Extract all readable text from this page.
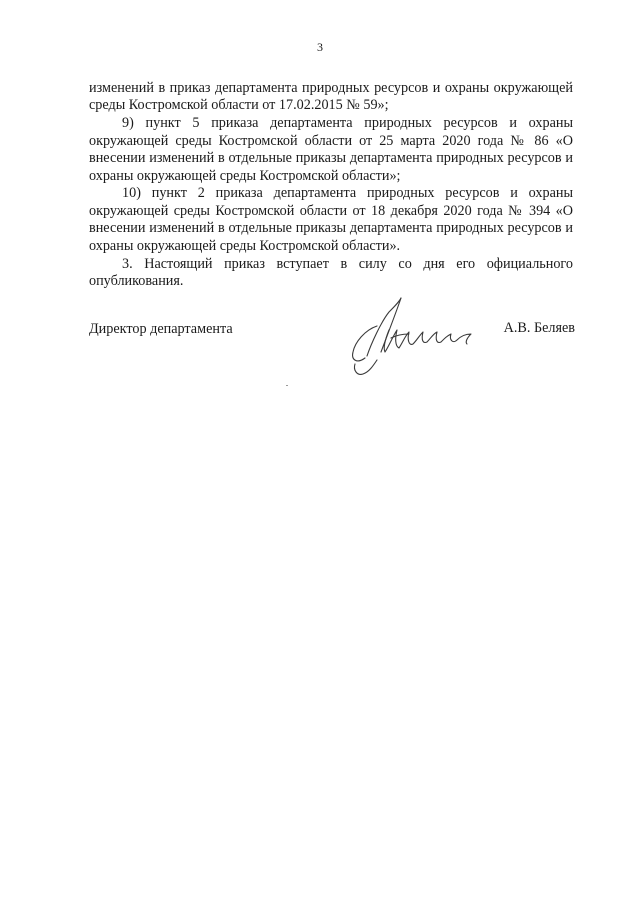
3

изменений в приказ департамента природных ресурсов и охраны окружающей среды Костромской области от 17.02.2015 № 59»;

9) пункт 5 приказа департамента природных ресурсов и охраны окружающей среды Костромской области от 25 марта 2020 года № 86 «О внесении изменений в отдельные приказы департамента природных ресурсов и охраны окружающей среды Костромской области»;

10) пункт 2 приказа департамента природных ресурсов и охраны окружающей среды Костромской области от 18 декабря 2020 года № 394 «О внесении изменений в отдельные приказы департамента природных ресурсов и охраны окружающей среды Костромской области».

3. Настоящий приказ вступает в силу со дня его официального опубликования.

Директор департамента	А.В. Беляев
